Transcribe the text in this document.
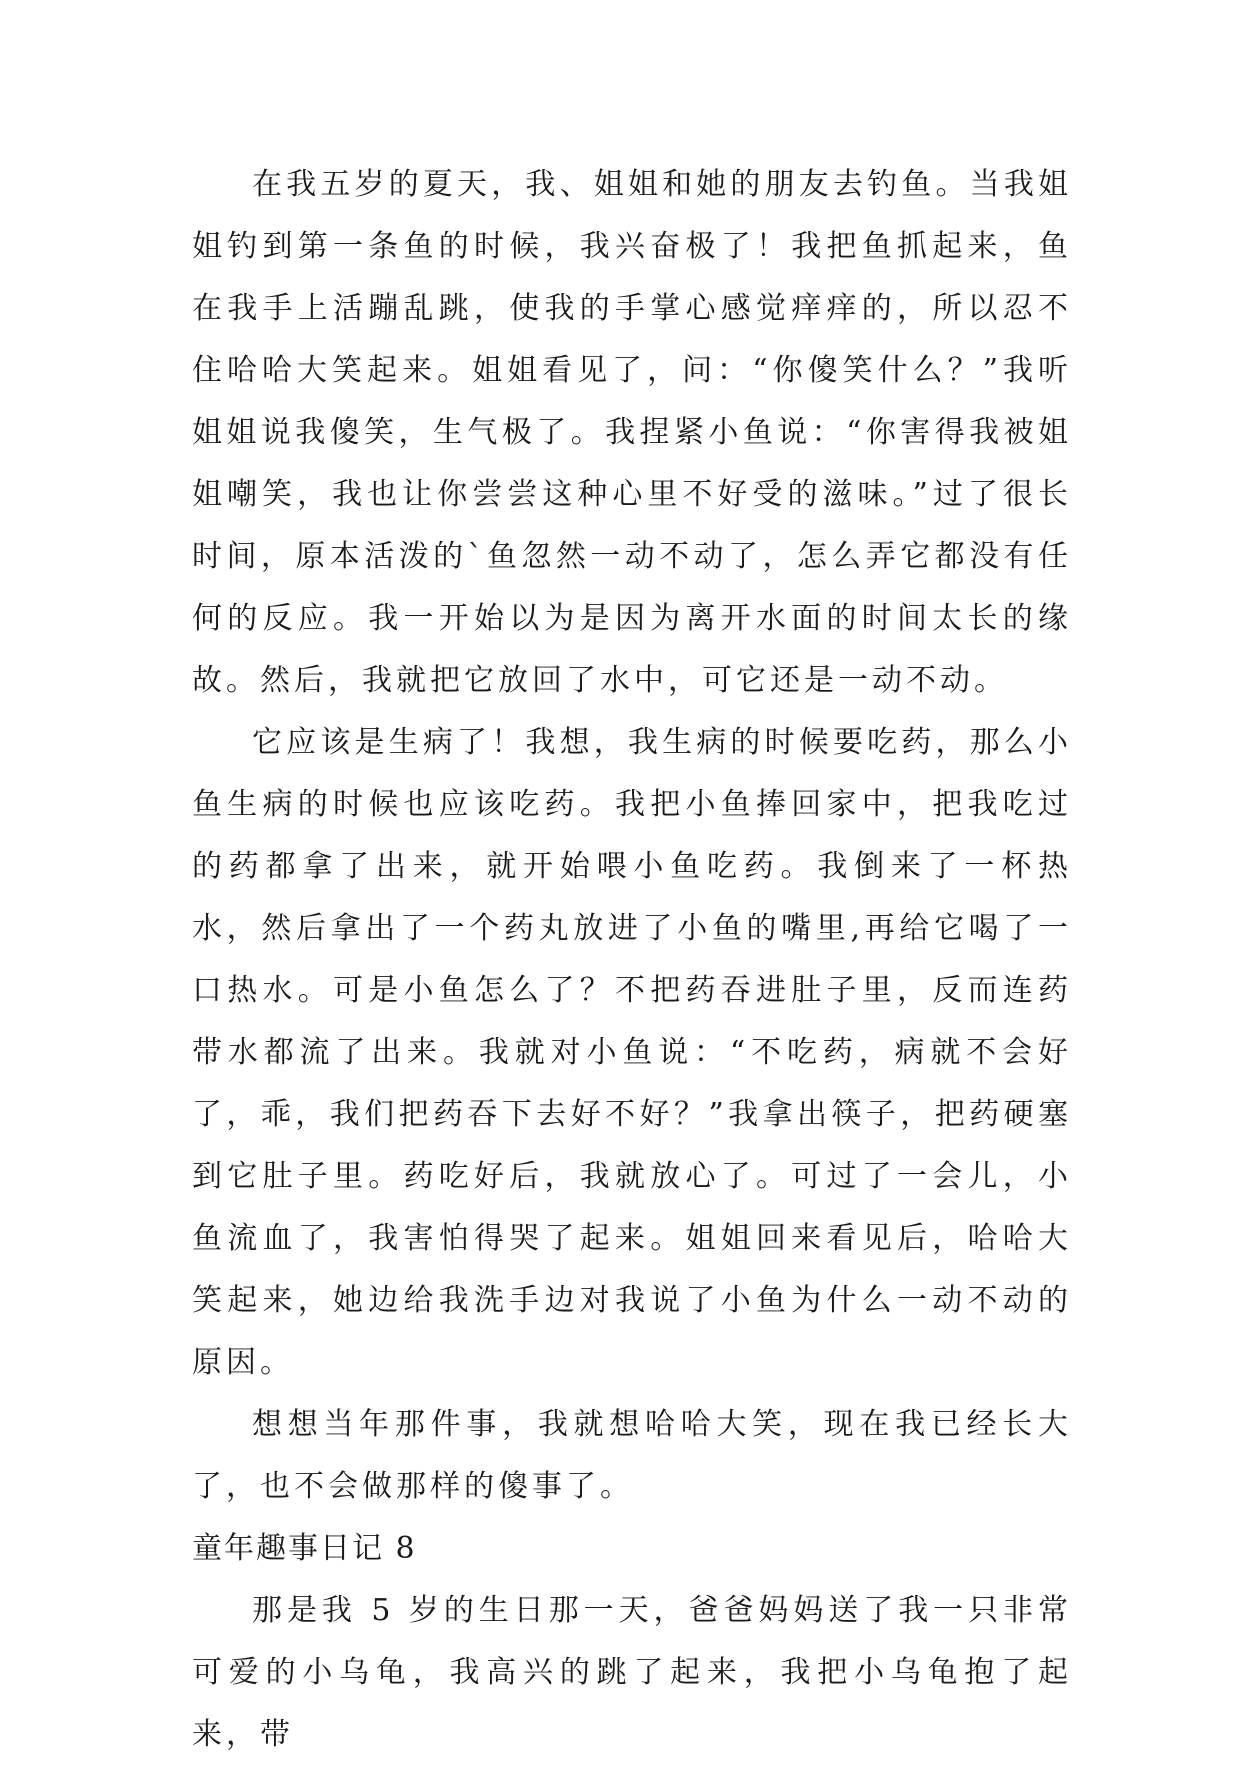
在我五岁的夏天，我、姐姐和她的朋友去钓鱼。当我姐姐钓到第一条鱼的时候，我兴奋极了！我把鱼抓起来，鱼在我手上活蹦乱跳，使我的手掌心感觉痒痒的，所以忍不住哈哈大笑起来。姐姐看见了，问：“你傻笑什么？”我听姐姐说我傻笑，生气极了。我捏紧小鱼说：“你害得我被姐姐嘲笑，我也让你尝尝这种心里不好受的滋味。”过了很长时间，原本活泼的`鱼忽然一动不动了，怎么弄它都没有任何的反应。我一开始以为是因为离开水面的时间太长的缘故。然后，我就把它放回了水中，可它还是一动不动。

它应该是生病了！我想，我生病的时候要吃药，那么小鱼生病的时候也应该吃药。我把小鱼捧回家中，把我吃过的药都拿了出来，就开始喂小鱼吃药。我倒来了一杯热水，然后拿出了一个药丸放进了小鱼的嘴里,再给它喝了一口热水。可是小鱼怎么了？不把药吞进肚子里，反而连药带水都流了出来。我就对小鱼说：“不吃药，病就不会好了，乖，我们把药吞下去好不好？”我拿出筷子，把药硬塞到它肚子里。药吃好后，我就放心了。可过了一会儿，小鱼流血了，我害怕得哭了起来。姐姐回来看见后，哈哈大笑起来，她边给我洗手边对我说了小鱼为什么一动不动的原因。

想想当年那件事，我就想哈哈大笑，现在我已经长大了，也不会做那样的傻事了。

童年趣事日记 8

那是我 5 岁的生日那一天，爸爸妈妈送了我一只非常可爱的小乌龟，我高兴的跳了起来，我把小乌龟抱了起来，带
